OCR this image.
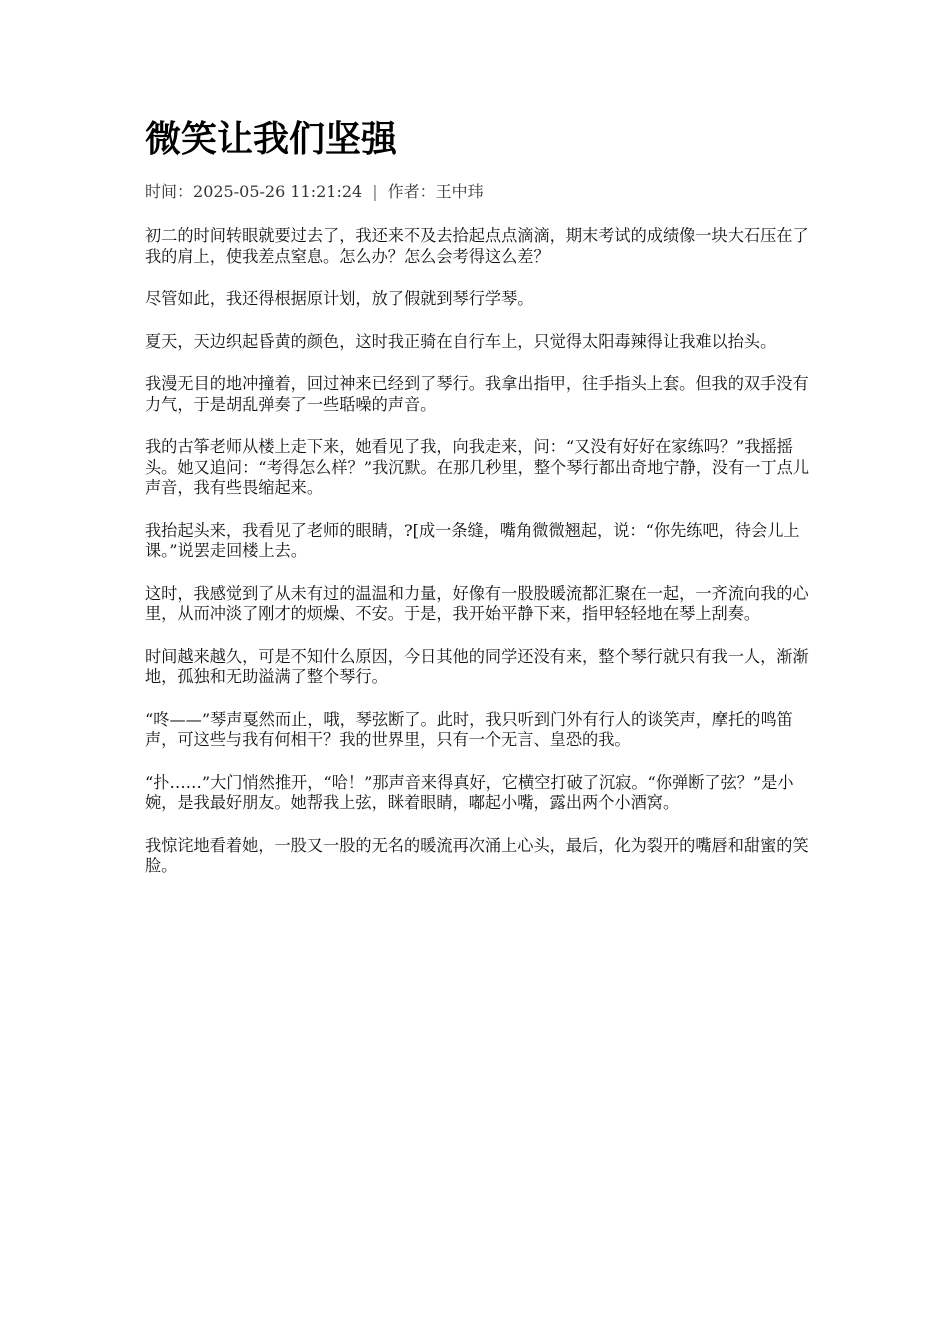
微笑让我们坚强
时间：2025-05-26 11:21:24 | 作者：王中玮

初二的时间转眼就要过去了，我还来不及去拾起点点滴滴，期末考试的成绩像一块大石压在了我的肩上，使我差点窒息。怎么办？怎么会考得这么差？

尽管如此，我还得根据原计划，放了假就到琴行学琴。

夏天，天边织起昏黄的颜色，这时我正骑在自行车上，只觉得太阳毒辣得让我难以抬头。

我漫无目的地冲撞着，回过神来已经到了琴行。我拿出指甲，往手指头上套。但我的双手没有力气，于是胡乱弹奏了一些聒噪的声音。

我的古筝老师从楼上走下来，她看见了我，向我走来，问：“又没有好好在家练吗？”我摇摇头。她又追问：“考得怎么样？”我沉默。在那几秒里，整个琴行都出奇地宁静，没有一丁点儿声音，我有些畏缩起来。

我抬起头来，我看见了老师的眼睛，?[成一条缝，嘴角微微翘起，说：“你先练吧，待会儿上课。”说罢走回楼上去。

这时，我感觉到了从未有过的温温和力量，好像有一股股暖流都汇聚在一起，一齐流向我的心里，从而冲淡了刚才的烦燥、不安。于是，我开始平静下来，指甲轻轻地在琴上刮奏。

时间越来越久，可是不知什么原因，今日其他的同学还没有来，整个琴行就只有我一人，渐渐地，孤独和无助溢满了整个琴行。

“咚——”琴声戛然而止，哦，琴弦断了。此时，我只听到门外有行人的谈笑声，摩托的鸣笛声，可这些与我有何相干？我的世界里，只有一个无言、皇恐的我。

“扑……”大门悄然推开，“哈！”那声音来得真好，它横空打破了沉寂。“你弹断了弦？”是小婉，是我最好朋友。她帮我上弦，眯着眼睛，嘟起小嘴，露出两个小酒窝。

我惊诧地看着她，一股又一股的无名的暖流再次涌上心头，最后，化为裂开的嘴唇和甜蜜的笑脸。
